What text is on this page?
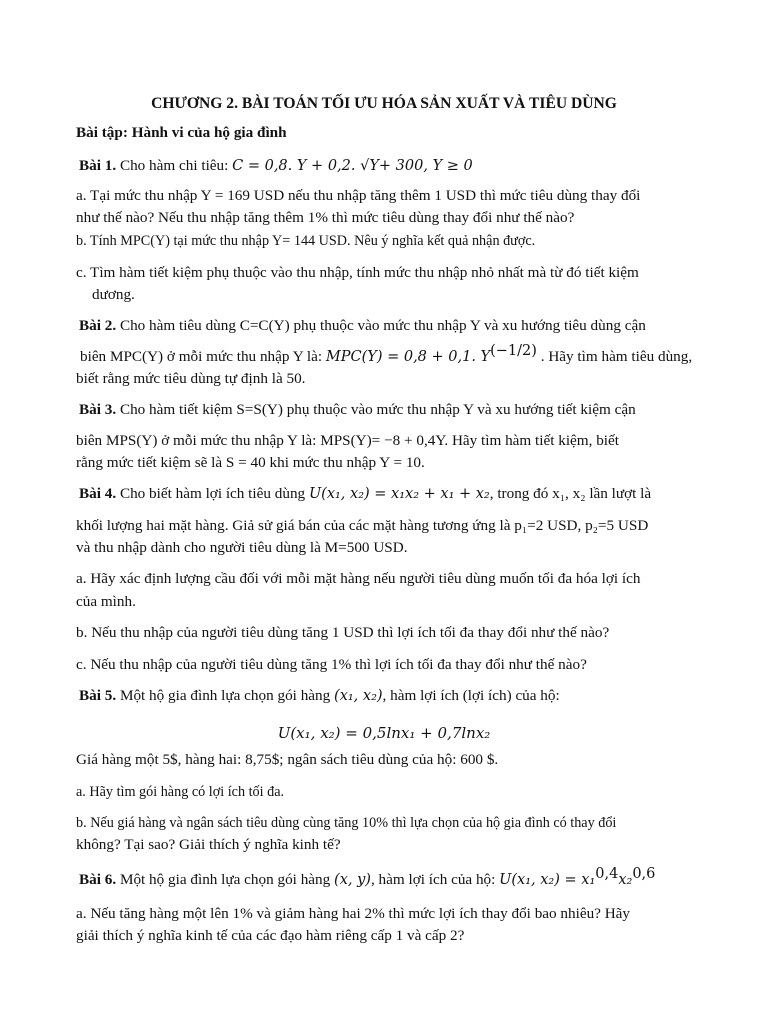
CHƯƠNG 2. BÀI TOÁN TỐI ƯU HÓA SẢN XUẤT VÀ TIÊU DÙNG
Bài tập: Hành vi của hộ gia đình
Bài 1. Cho hàm chi tiêu: C = 0,8. Y + 0,2. √Y+ 300, Y ≥ 0
a. Tại mức thu nhập Y = 169 USD nếu thu nhập tăng thêm 1 USD thì mức tiêu dùng thay đổi
như thế nào? Nếu thu nhập tăng thêm 1% thì mức tiêu dùng thay đổi như thế nào?
b. Tính MPC(Y) tại mức thu nhập Y= 144 USD. Nêu ý nghĩa kết quả nhận được.
c. Tìm hàm tiết kiệm phụ thuộc vào thu nhập, tính mức thu nhập nhỏ nhất mà từ đó tiết kiệm
dương.
Bài 2. Cho hàm tiêu dùng C=C(Y) phụ thuộc vào mức thu nhập Y và xu hướng tiêu dùng cận
biên MPC(Y) ở mỗi mức thu nhập Y là: MPC(Y) = 0,8 + 0,1. $Y^{(-1/2)}$ . Hãy tìm hàm tiêu dùng,
biết rằng mức tiêu dùng tự định là 50.
Bài 3. Cho hàm tiết kiệm S=S(Y) phụ thuộc vào mức thu nhập Y và xu hướng tiết kiệm cận
biên MPS(Y) ở mỗi mức thu nhập Y là: MPS(Y)= −8 + 0,4Y. Hãy tìm hàm tiết kiệm, biết
rằng mức tiết kiệm sẽ là S = 40 khi mức thu nhập Y = 10.
Bài 4. Cho biết hàm lợi ích tiêu dùng U(x₁, x₂) = x₁x₂ + x₁ + x₂, trong đó x₁, x₂ lần lượt là
khối lượng hai mặt hàng. Giả sử giá bán của các mặt hàng tương ứng là p₁=2 USD, p₂=5 USD
và thu nhập dành cho người tiêu dùng là M=500 USD.
a. Hãy xác định lượng cầu đối với mỗi mặt hàng nếu người tiêu dùng muốn tối đa hóa lợi ích
của mình.
b. Nếu thu nhập của người tiêu dùng tăng 1 USD thì lợi ích tối đa thay đổi như thế nào?
c. Nếu thu nhập của người tiêu dùng tăng 1% thì lợi ích tối đa thay đổi như thế nào?
Bài 5. Một hộ gia đình lựa chọn gói hàng (x₁, x₂), hàm lợi ích (lợi ích) của hộ:
U(x₁, x₂) = 0,5lnx₁ + 0,7lnx₂
Giá hàng một 5$, hàng hai: 8,75$; ngân sách tiêu dùng của hộ: 600 $.
a. Hãy tìm gói hàng có lợi ích tối đa.
b. Nếu giá hàng và ngân sách tiêu dùng cùng tăng 10% thì lựa chọn của hộ gia đình có thay đổi
không? Tại sao? Giải thích ý nghĩa kinh tế?
Bài 6. Một hộ gia đình lựa chọn gói hàng (x, y), hàm lợi ích của hộ: U(x₁, x₂) = x₁$^{0,4}$x₂$^{0,6}$
a. Nếu tăng hàng một lên 1% và giảm hàng hai 2% thì mức lợi ích thay đổi bao nhiêu? Hãy
giải thích ý nghĩa kinh tế của các đạo hàm riêng cấp 1 và cấp 2?
